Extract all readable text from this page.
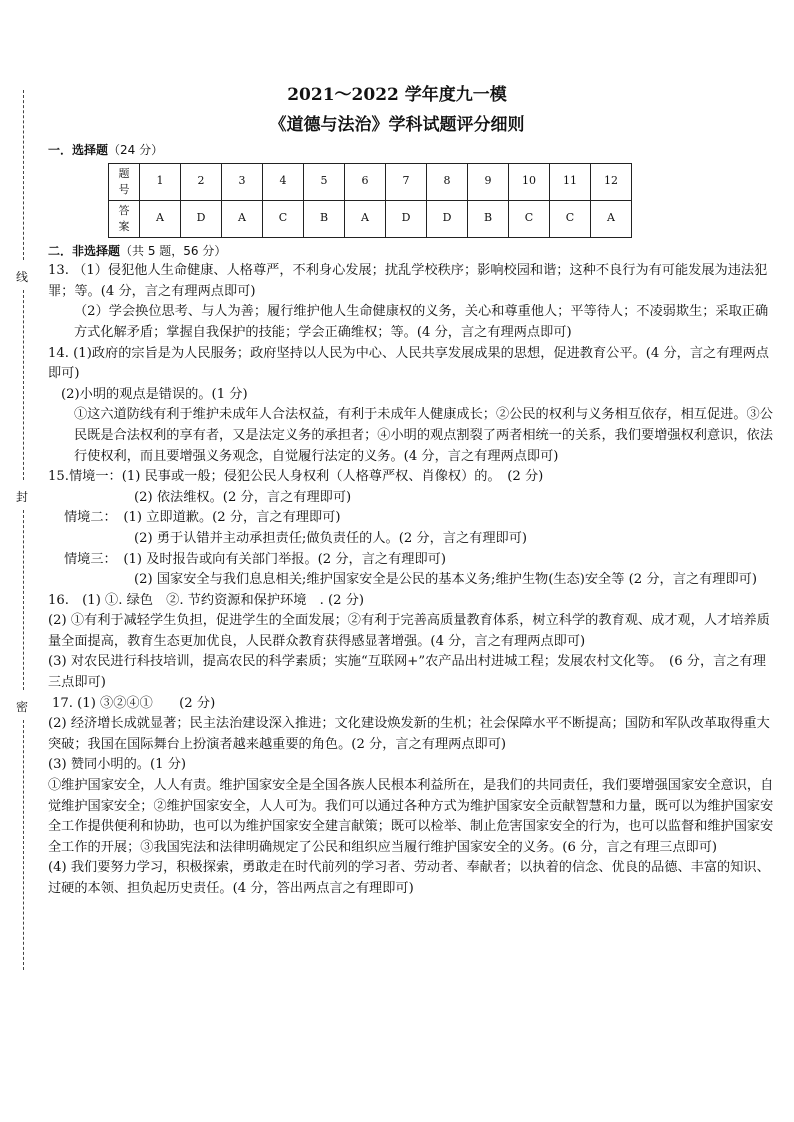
线
封
密
2021～2022 学年度九一模
《道德与法治》学科试题评分细则

一．选择题（24 分）

题
号	1	2	3	4	5	6	7	8	9	10	11	12
答
案	A	D	A	C	B	A	D	D	B	C	C	A

二．非选择题（共 5 题，56 分）

13. （1）侵犯他人生命健康、人格尊严，不利身心发展；扰乱学校秩序；影响校园和谐；这种不良行为有可能发展为违法犯罪；等。(4 分，言之有理两点即可)

（2）学会换位思考、与人为善；履行维护他人生命健康权的义务，关心和尊重他人；平等待人；不凌弱欺生；采取正确方式化解矛盾；掌握自我保护的技能；学会正确维权；等。(4 分，言之有理两点即可)

14. (1)政府的宗旨是为人民服务；政府坚持以人民为中心、人民共享发展成果的思想，促进教育公平。(4 分，言之有理两点即可)

(2)小明的观点是错误的。(1 分)

①这六道防线有利于维护未成年人合法权益，有利于未成年人健康成长；②公民的权利与义务相互依存，相互促进。③公民既是合法权利的享有者，又是法定义务的承担者；④小明的观点割裂了两者相统一的关系，我们要增强权利意识，依法行使权利，而且要增强义务观念，自觉履行法定的义务。(4 分，言之有理两点即可)

15.情境一：(1) 民事或一般；侵犯公民人身权利（人格尊严权、肖像权）的。　(2 分)

(2) 依法维权。(2 分，言之有理即可)

情境二：　(1) 立即道歉。(2 分，言之有理即可)

(2) 勇于认错并主动承担责任;做负责任的人。(2 分，言之有理即可)

情境三：　(1) 及时报告或向有关部门举报。(2 分，言之有理即可)

(2) 国家安全与我们息息相关;维护国家安全是公民的基本义务;维护生物(生态)安全等 (2 分，言之有理即可)

16.　(1) ①. 绿色　②. 节约资源和保护环境　. (2 分)

(2) ①有利于减轻学生负担，促进学生的全面发展；②有利于完善高质量教育体系，树立科学的教育观、成才观，人才培养质量全面提高，教育生态更加优良，人民群众教育获得感显著增强。(4 分，言之有理两点即可)

(3) 对农民进行科技培训，提高农民的科学素质；实施“互联网+”农产品出村进城工程；发展农村文化等。　(6 分，言之有理三点即可)

17. (1) ③②④①　　(2 分)

(2) 经济增长成就显著；民主法治建设深入推进；文化建设焕发新的生机；社会保障水平不断提高；国防和军队改革取得重大突破；我国在国际舞台上扮演者越来越重要的角色。(2 分，言之有理两点即可)

(3) 赞同小明的。(1 分)

①维护国家安全，人人有责。维护国家安全是全国各族人民根本利益所在，是我们的共同责任，我们要增强国家安全意识，自觉维护国家安全；②维护国家安全，人人可为。我们可以通过各种方式为维护国家安全贡献智慧和力量，既可以为维护国家安全工作提供便利和协助，也可以为维护国家安全建言献策；既可以检举、制止危害国家安全的行为，也可以监督和维护国家安全工作的开展；③我国宪法和法律明确规定了公民和组织应当履行维护国家安全的义务。(6 分，言之有理三点即可)

(4) 我们要努力学习，积极探索，勇敢走在时代前列的学习者、劳动者、奉献者；以执着的信念、优良的品德、丰富的知识、过硬的本领、担负起历史责任。(4 分，答出两点言之有理即可)
